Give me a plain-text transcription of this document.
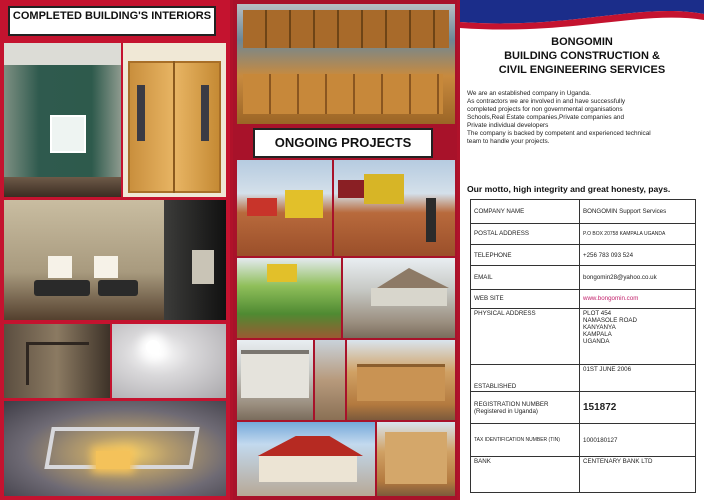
COMPLETED BUILDING'S INTERIORS
ONGOING PROJECTS
BONGOMIN
BUILDING CONSTRUCTION &
CIVIL ENGINEERING SERVICES
We are an established company in Uganda.
As contractors we are involved in and have successfully
completed projects for non governmental organisations
Schools,Real Estate companies,Private companies and
Private individual developers
The company is backed by competent and experienced technical
team to handle your projects.
Our motto, high integrity and great honesty, pays.
COMPANY NAME	BONGOMIN Support Services
POSTAL ADDRESS	P.O BOX 20758 KAMPALA UGANDA
TELEPHONE	+256 783 093 524
EMAIL	bongomin28@yahoo.co.uk
WEB SITE	www.bongomin.com
PHYSICAL ADDRESS	PLOT 454
NAMASOLE ROAD
KANYANYA
KAMPALA
UGANDA

ESTABLISHED	01ST JUNE 2006
REGISTRATION NUMBER (Registered in Uganda)	151872
TAX IDENTIFICATION NUMBER (TIN)	1000180127
BANK	CENTENARY BANK LTD
